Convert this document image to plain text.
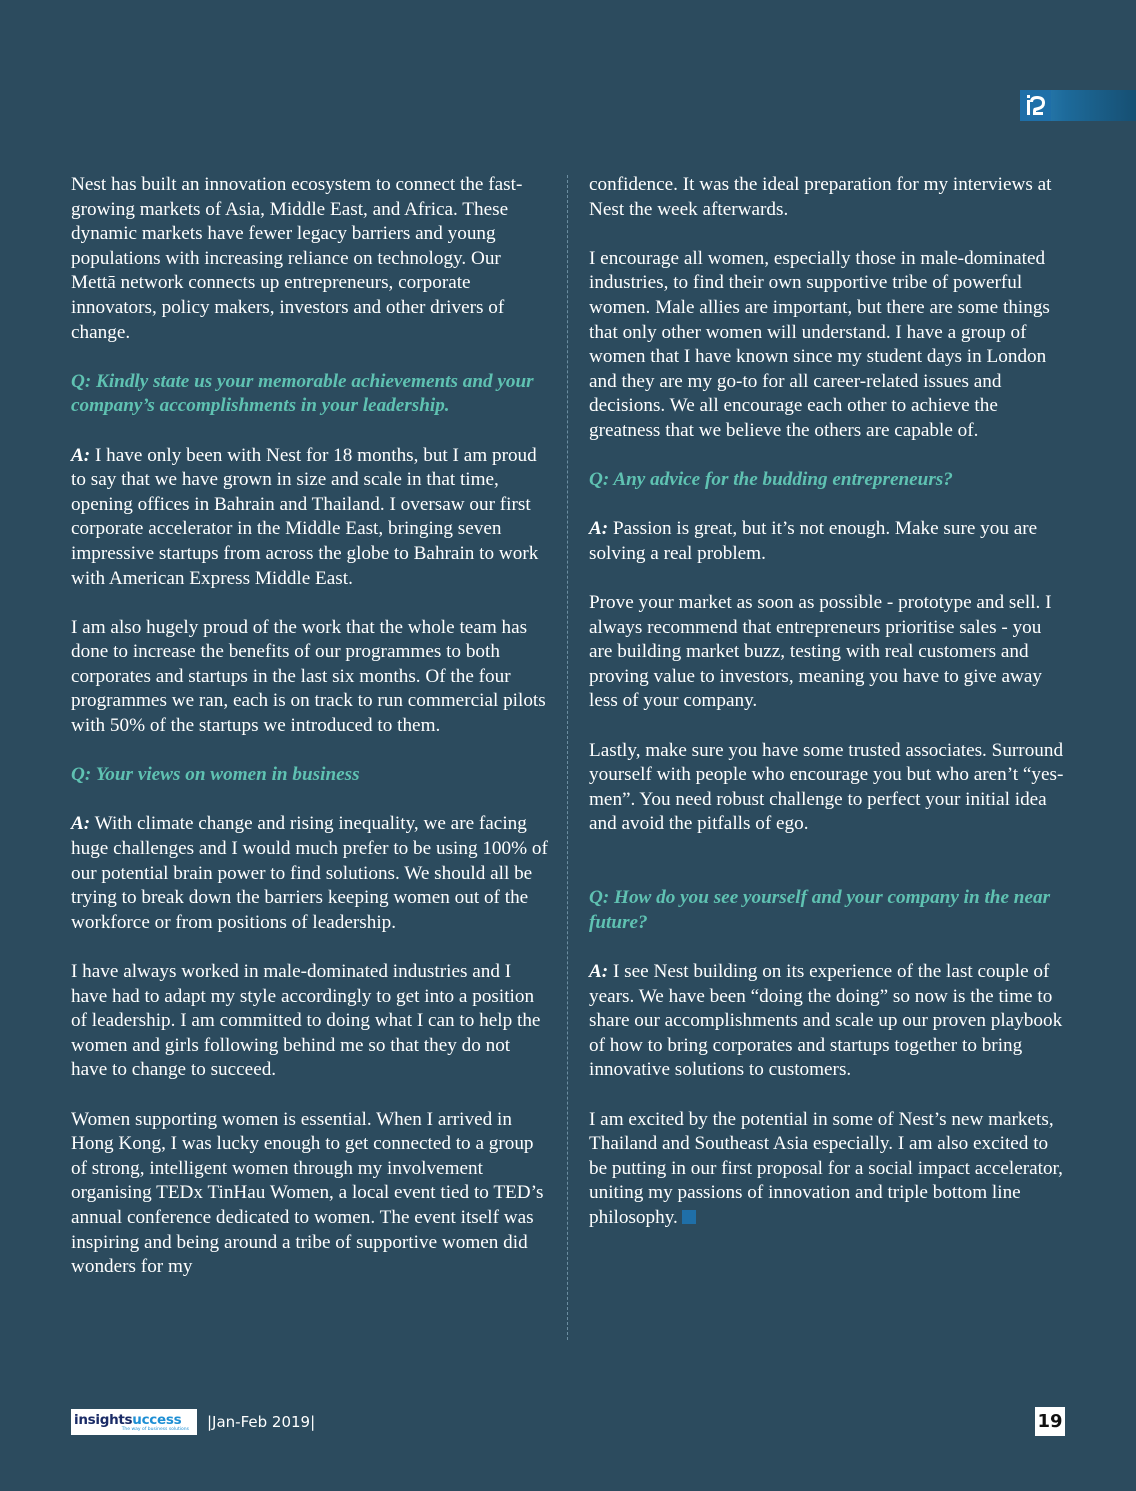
Nest has built an innovation ecosystem to connect the fast-growing markets of Asia, Middle East, and Africa. These dynamic markets have fewer legacy barriers and young populations with increasing reliance on technology. Our Mettā network connects up entrepreneurs, corporate innovators, policy makers, investors and other drivers of change.

Q: Kindly state us your memorable achievements and your company’s accomplishments in your leadership.

A: I have only been with Nest for 18 months, but I am proud to say that we have grown in size and scale in that time, opening offices in Bahrain and Thailand. I oversaw our first corporate accelerator in the Middle East, bringing seven impressive startups from across the globe to Bahrain to work with American Express Middle East.

I am also hugely proud of the work that the whole team has done to increase the benefits of our programmes to both corporates and startups in the last six months. Of the four programmes we ran, each is on track to run commercial pilots with 50% of the startups we introduced to them.

Q: Your views on women in business

A: With climate change and rising inequality, we are facing huge challenges and I would much prefer to be using 100% of our potential brain power to find solutions. We should all be trying to break down the barriers keeping women out of the workforce or from positions of leadership.

I have always worked in male-dominated industries and I have had to adapt my style accordingly to get into a position of leadership. I am committed to doing what I can to help the women and girls following behind me so that they do not have to change to succeed.

Women supporting women is essential. When I arrived in Hong Kong, I was lucky enough to get connected to a group of strong, intelligent women through my involvement organising TEDx TinHau Women, a local event tied to TED’s annual conference dedicated to women. The event itself was inspiring and being around a tribe of supportive women did wonders for my

confidence. It was the ideal preparation for my interviews at Nest the week afterwards.

I encourage all women, especially those in male-dominated industries, to find their own supportive tribe of powerful women. Male allies are important, but there are some things that only other women will understand. I have a group of women that I have known since my student days in London and they are my go-to for all career-related issues and decisions. We all encourage each other to achieve the greatness that we believe the others are capable of.

Q: Any advice for the budding entrepreneurs?

A: Passion is great, but it’s not enough. Make sure you are solving a real problem.

Prove your market as soon as possible - prototype and sell. I always recommend that entrepreneurs prioritise sales - you are building market buzz, testing with real customers and proving value to investors, meaning you have to give away less of your company.

Lastly, make sure you have some trusted associates. Surround yourself with people who encourage you but who aren’t “yes-men”. You need robust challenge to perfect your initial idea and avoid the pitfalls of ego.

Q: How do you see yourself and your company in the near future?

A: I see Nest building on its experience of the last couple of years. We have been “doing the doing” so now is the time to share our accomplishments and scale up our proven playbook of how to bring corporates and startups together to bring innovative solutions to customers.

I am excited by the potential in some of Nest’s new markets, Thailand and Southeast Asia especially. I am also excited to be putting in our first proposal for a social impact accelerator, uniting my passions of innovation and triple bottom line philosophy.

insightsuccess
The way of business solutions	|Jan-Feb 2019|	19
